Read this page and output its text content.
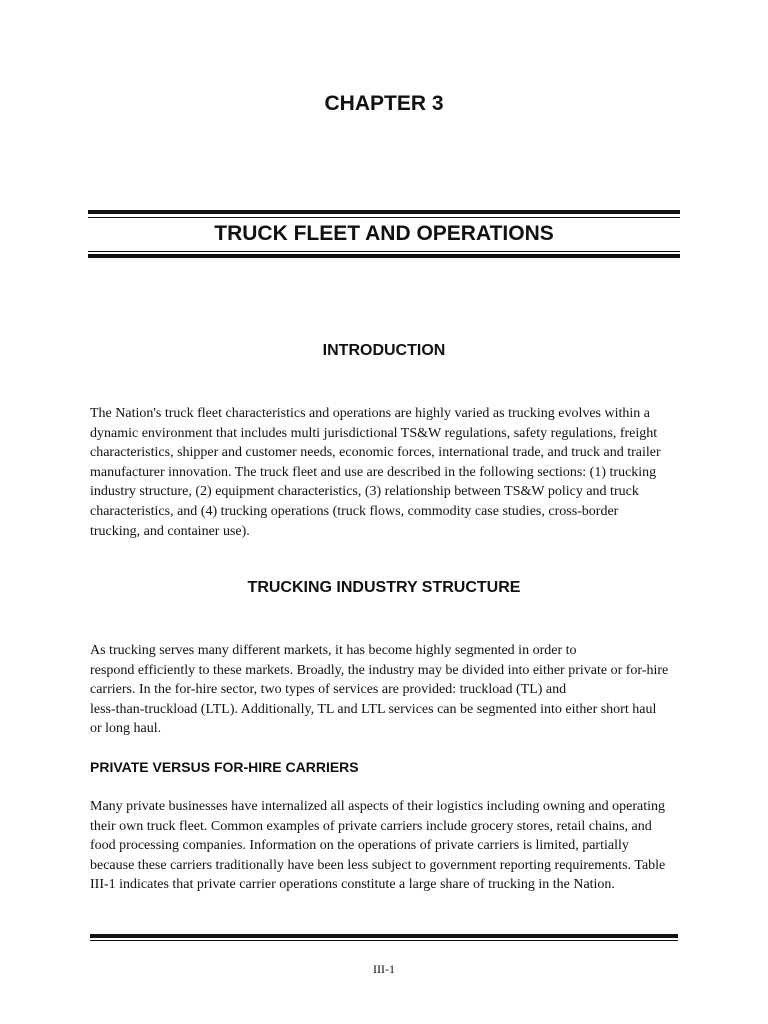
CHAPTER 3
TRUCK FLEET AND OPERATIONS
INTRODUCTION
The Nation's truck fleet characteristics and operations are highly varied as trucking evolves within a
dynamic environment that includes multi jurisdictional TS&W regulations, safety regulations, freight
characteristics, shipper and customer needs, economic forces, international trade, and truck and trailer
manufacturer innovation. The truck fleet and use are described in the following sections: (1) trucking
industry structure, (2) equipment characteristics, (3) relationship between TS&W policy and truck
characteristics, and (4) trucking operations (truck flows, commodity case studies, cross-border
trucking, and container use).
TRUCKING INDUSTRY STRUCTURE
As trucking serves many different markets, it has become highly segmented in order to
respond efficiently to these markets. Broadly, the industry may be divided into either private or for-hire
carriers. In the for-hire sector, two types of services are provided: truckload (TL) and
less-than-truckload (LTL). Additionally, TL and LTL services can be segmented into either short haul
or long haul.
PRIVATE VERSUS FOR-HIRE CARRIERS
Many private businesses have internalized all aspects of their logistics including owning and operating
their own truck fleet. Common examples of private carriers include grocery stores, retail chains, and
food processing companies. Information on the operations of private carriers is limited, partially
because these carriers traditionally have been less subject to government reporting requirements. Table
III-1 indicates that private carrier operations constitute a large share of trucking in the Nation.
III-1
